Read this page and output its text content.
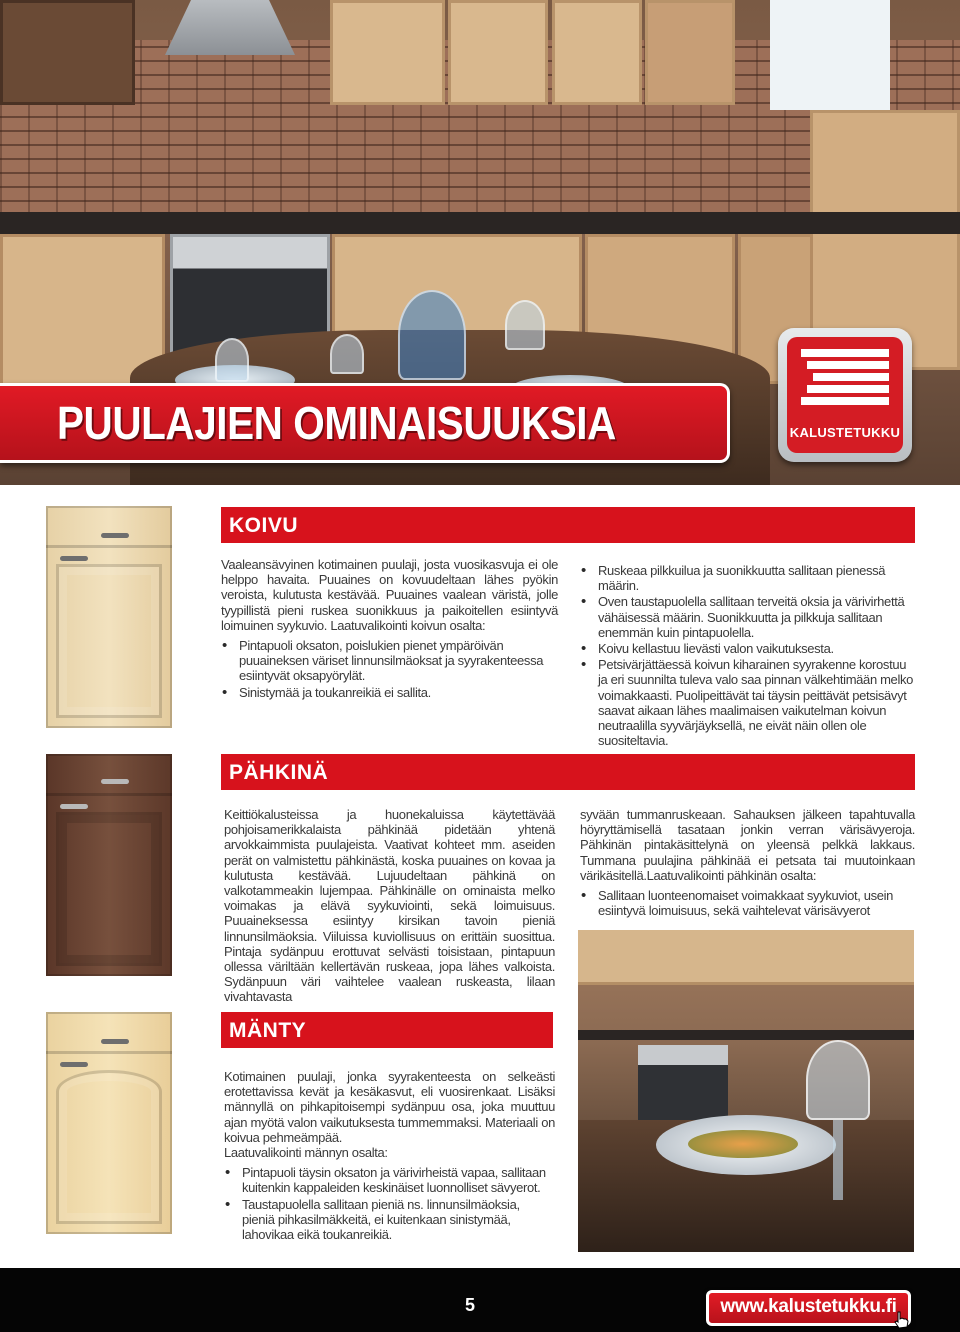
PUULAJIEN OMINAISUUKSIA	KALUSTETUKKU
KOIVU

Vaaleansävyinen kotimainen puulaji, josta vuosikasvuja ei ole helppo havaita. Puuaines on kovuudeltaan lähes pyökin veroista, kulutusta kestävää. Puuaines vaalean väristä, jolle tyypillistä pieni ruskea suonikkuus ja paikoitellen esiintyvä loimuinen syykuvio. Laatuvalikointi koivun osalta:

• Pintapuoli oksaton, poislukien pienet ympäröivän puuaineksen väriset linnunsilmäoksat ja syyrakenteessa esiintyvät oksapyörylät.
• Sinistymää ja toukanreikiä ei sallita.
• Ruskeaa pilkkuilua ja suonikkuutta sallitaan pienessä määrin.
• Oven taustapuolella sallitaan terveitä oksia ja värivirhettä vähäisessä määrin. Suonikkuutta ja pilkkuja sallitaan enemmän kuin pintapuolella.
• Koivu kellastuu lievästi valon vaikutuksesta.
• Petsivärjättäessä koivun kiharainen syyrakenne korostuu ja eri suunnilta tuleva valo saa pinnan välkehtimään melko voimakkaasti. Puolipeittävät tai täysin peittävät petsisävyt saavat aikaan lähes maalimaisen vaikutelman koivun neutraalilla syyvärjäyksellä, ne eivät näin ollen ole suositeltavia.
PÄHKINÄ
Keittiökalusteissa ja huonekaluissa käytettävää pohjoisamerikkalaista pähkinää pidetään yhtenä arvokkaimmista puulajeista. Vaativat kohteet mm. aseiden perät on valmistettu pähkinästä, koska puuaines on kovaa ja kulutusta kestävää. Lujuudeltaan pähkinä on valkotammeakin lujempaa. Pähkinälle on ominaista melko voimakas ja elävä syykuviointi, sekä loimuisuus. Puuaineksessa esiintyy kirsikan tavoin pieniä linnunsilmäoksia. Viiluissa kuviollisuus on erittäin suosittua. Pintaja sydänpuu erottuvat selvästi toisistaan, pintapuun ollessa väriltään kellertävän ruskeaa, jopa lähes valkoista. Sydänpuun väri vaihtelee vaalean ruskeasta, lilaan vivahtavasta

syvään tummanruskeaan. Sahauksen jälkeen tapahtuvalla höyryttämisellä tasataan jonkin verran värisävyeroja. Pähkinän pintakäsittelynä on yleensä pelkkä lakkaus. Tummana puulajina pähkinää ei petsata tai muutoinkaan värikäsitellä.Laatuvalikointi pähkinän osalta:

• Sallitaan luonteenomaiset voimakkaat syykuviot, usein esiintyvä loimuisuus, sekä vaihtelevat värisävyerot
MÄNTY

Kotimainen puulaji, jonka syyrakenteesta on selkeästi erotettavissa kevät ja kesäkasvut, eli vuosirenkaat. Lisäksi männyllä on pihkapitoisempi sydänpuu osa, joka muuttuu ajan myötä valon vaikutuksesta tummemmaksi. Materiaali on koivua pehmeämpää.

Laatuvalikointi männyn osalta:

• Pintapuoli täysin oksaton ja värivirheistä vapaa, sallitaan kuitenkin kappaleiden keskinäiset luonnolliset sävyerot.
• Taustapuolella sallitaan pieniä ns. linnunsilmäoksia, pieniä pihkasilmäkkeitä, ei kuitenkaan sinistymää, lahovikaa eikä toukanreikiä.
5	www.kalustetukku.fi
